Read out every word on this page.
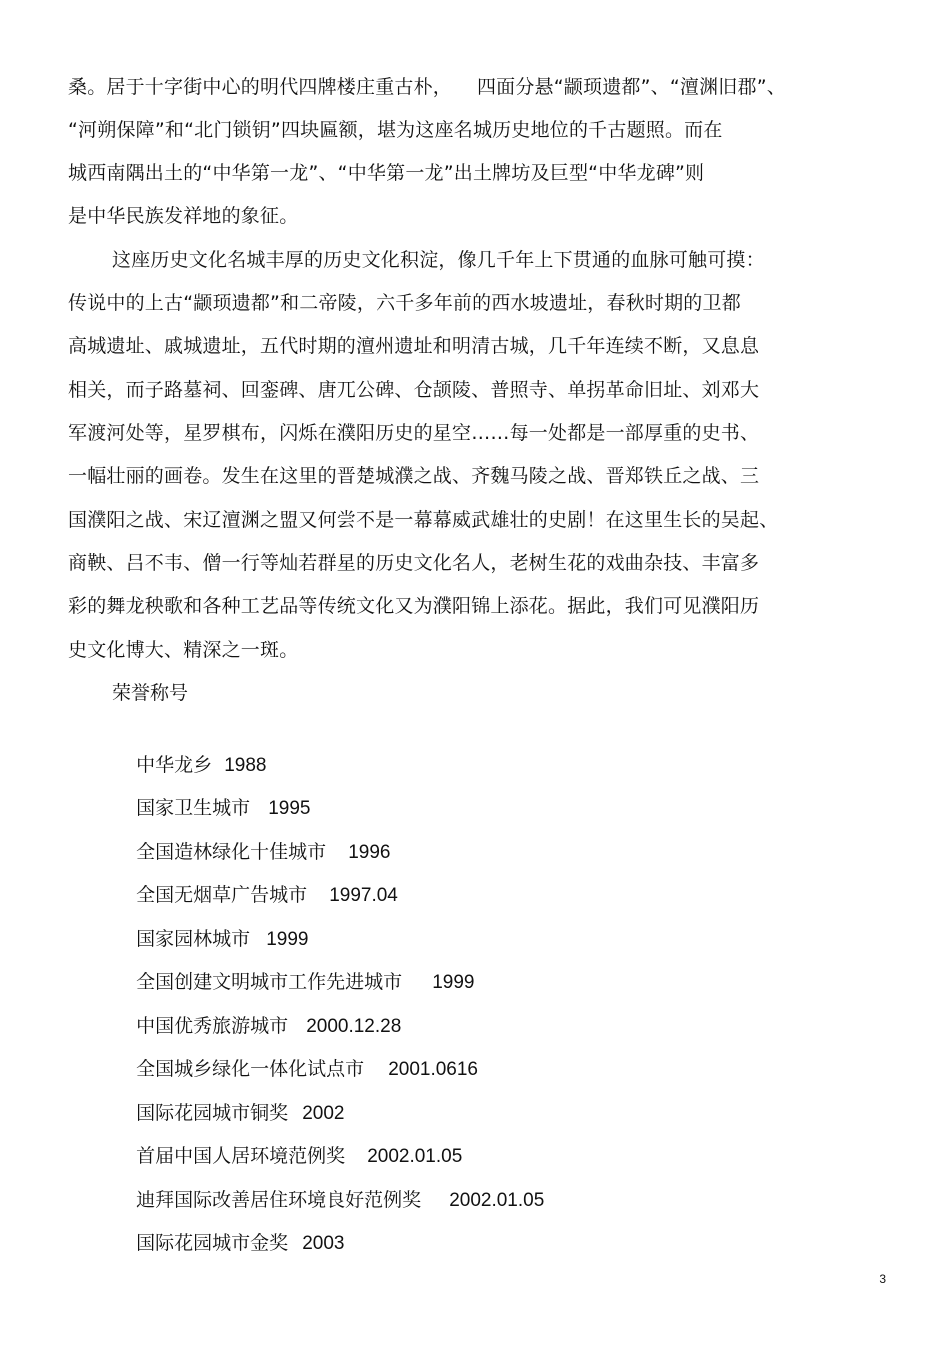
桑。居于十字街中心的明代四牌楼庄重古朴，    四面分悬“颛顼遗都”、“澶渊旧郡”、
“河朔保障”和“北门锁钥”四块匾额，堪为这座名城历史地位的千古题照。而在
城西南隅出土的“中华第一龙”、“中华第一龙”出土牌坊及巨型“中华龙碑”则
是中华民族发祥地的象征。
这座历史文化名城丰厚的历史文化积淀，像几千年上下贯通的血脉可触可摸：
传说中的上古“颛顼遗都”和二帝陵，六千多年前的西水坡遗址，春秋时期的卫都
高城遗址、戚城遗址，五代时期的澶州遗址和明清古城，几千年连续不断，又息息
相关，而子路墓祠、回銮碑、唐兀公碑、仓颉陵、普照寺、单拐革命旧址、刘邓大
军渡河处等，星罗棋布，闪烁在濮阳历史的星空……每一处都是一部厚重的史书、
一幅壮丽的画卷。发生在这里的晋楚城濮之战、齐魏马陵之战、晋郑铁丘之战、三
国濮阳之战、宋辽澶渊之盟又何尝不是一幕幕威武雄壮的史剧！在这里生长的吴起、
商鞅、吕不韦、僧一行等灿若群星的历史文化名人，老树生花的戏曲杂技、丰富多
彩的舞龙秧歌和各种工艺品等传统文化又为濮阳锦上添花。据此，我们可见濮阳历
史文化博大、精深之一斑。
荣誉称号

中华龙乡 1988

国家卫生城市 1995

全国造林绿化十佳城市 1996

全国无烟草广告城市 1997.04

国家园林城市 1999

全国创建文明城市工作先进城市 1999

中国优秀旅游城市 2000.12.28

全国城乡绿化一体化试点市 2001.0616

国际花园城市铜奖 2002

首届中国人居环境范例奖 2002.01.05

迪拜国际改善居住环境良好范例奖 2002.01.05

国际花园城市金奖 2003

3
